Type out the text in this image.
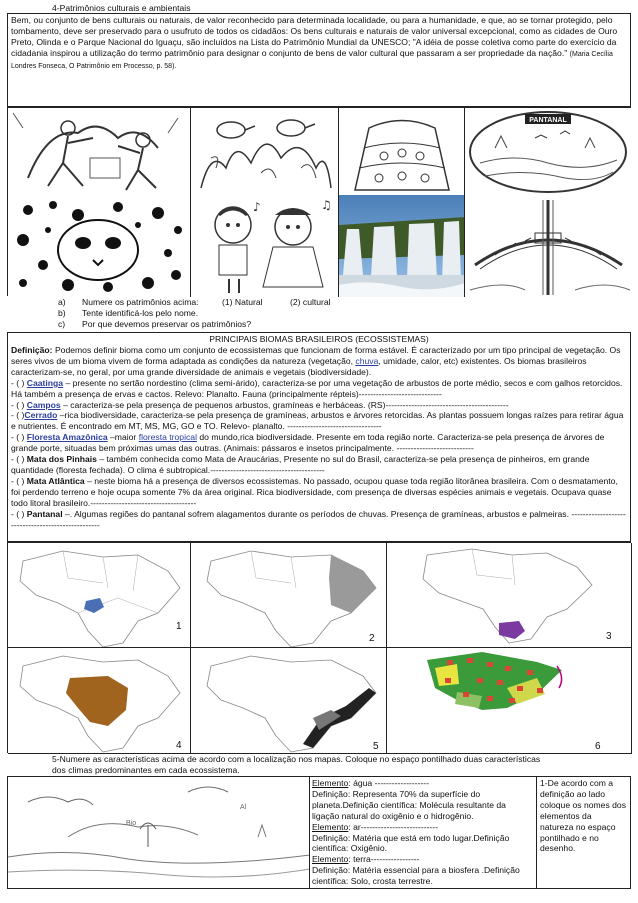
4-Patrimônios culturais e ambientais
Bem, ou conjunto de bens culturais ou naturais, de valor reconhecido para determinada localidade, ou para a humanidade, e que, ao se tornar protegido, pelo tombamento, deve ser preservado para o usufruto de todos os cidadãos: Os bens culturais e naturais de valor universal excepcional, como as cidades de Ouro Preto, Olinda e o Parque Nacional do Iguaçu, são incluídos na Lista do Patrimônio Mundial da UNESCO; "A idéia de posse coletiva como parte do exercício da cidadania inspirou a utilização do termo patrimônio para designar o conjunto de bens de valor cultural que passaram a ser propriedade da nação." (Maria Cecília Londres Fonseca, O Patrimônio em Processo, p. 58).
PANTANAL
♪	♫
a) Numere os patrimônios acima:	(1) Natural	(2) cultural
b) Tente identificá-los pelo nome.
c) Por que devemos preservar os patrimônios?
PRINCIPAIS BIOMAS BRASILEIROS (ECOSSISTEMAS)
Definição: Podemos definir bioma como um conjunto de ecossistemas que funcionam de forma estável. É caracterizado por um tipo principal de vegetação. Os seres vivos de um bioma vivem de forma adaptada as condições da natureza (vegetação, chuva, umidade, calor, etc) existentes. Os biomas brasileiros caracterizam-se, no geral, por uma grande diversidade de animais e vegetais (biodiversidade).
- ( ) Caatinga – presente no sertão nordestino (clima semi-árido), caracteriza-se por uma vegetação de arbustos de porte médio, secos e com galhos retorcidos. Há também a presença de ervas e cactos. Relevo: Planalto. Fauna (principalmente répteis)-----------------------------
- ( ) Campos – caracteriza-se pela presença de pequenos arbustos, gramíneas e herbáceas. (RS)-------------------------------------------
- ( )Cerrado –rica biodiversidade, caracteriza-se pela presença de gramíneas, arbustos e árvores retorcidas. As plantas possuem longas raízes para retirar água e nutrientes. É encontrado em MT, MS, MG, GO e TO. Relevo- planalto. ---------------------------------
- ( ) Floresta Amazônica –maior floresta tropical do mundo,rica biodiversidade. Presente em toda região norte. Caracteriza-se pela presença de árvores de grande porte, situadas bem próximas umas das outras. (Animais: pássaros e insetos principalmente. ---------------------------
- ( ) Mata dos Pinhais – também conhecida como Mata de Araucárias, Presente no sul do Brasil, caracteriza-se pela presença de pinheiros, em grande quantidade (floresta fechada). O clima é subtropical.----------------------------------------
- ( ) Mata Atlântica – neste bioma há a presença de diversos ecossistemas. No passado, ocupou quase toda região litorânea brasileira. Com o desmatamento, foi perdendo terreno e hoje ocupa somente 7% da área original. Rica biodiversidade, com presença de diversas espécies animais e vegetais. Ocupava quase todo litoral brasileiro.-------------------------------------
- ( ) Pantanal –. Algumas regiões do pantanal sofrem alagamentos durante os períodos de chuvas. Presença de gramíneas, arbustos e palmeiras. --------------------------------------------------
1
2	3
4	5	6
5-Numere as características acima de acordo com a localização nos mapas. Coloque no espaço pontilhado duas características
dos climas predominantes em cada ecossistema.
Al
Bio
Elemento: água -------------------
Definição: Representa 70% da superfície do planeta.Definição científica: Molécula resultante da ligação natural do oxigênio e o hidrogênio.
Elemento: ar---------------------------
Definição: Matéria que está em todo lugar.Definição científica: Oxigênio.
Elemento: terra-----------------
Definição: Matéria essencial para a biosfera .Definição científica: Solo, crosta terrestre.
1-De acordo com a definição ao lado coloque os nomes dos elementos da natureza no espaço pontilhado e no desenho.
